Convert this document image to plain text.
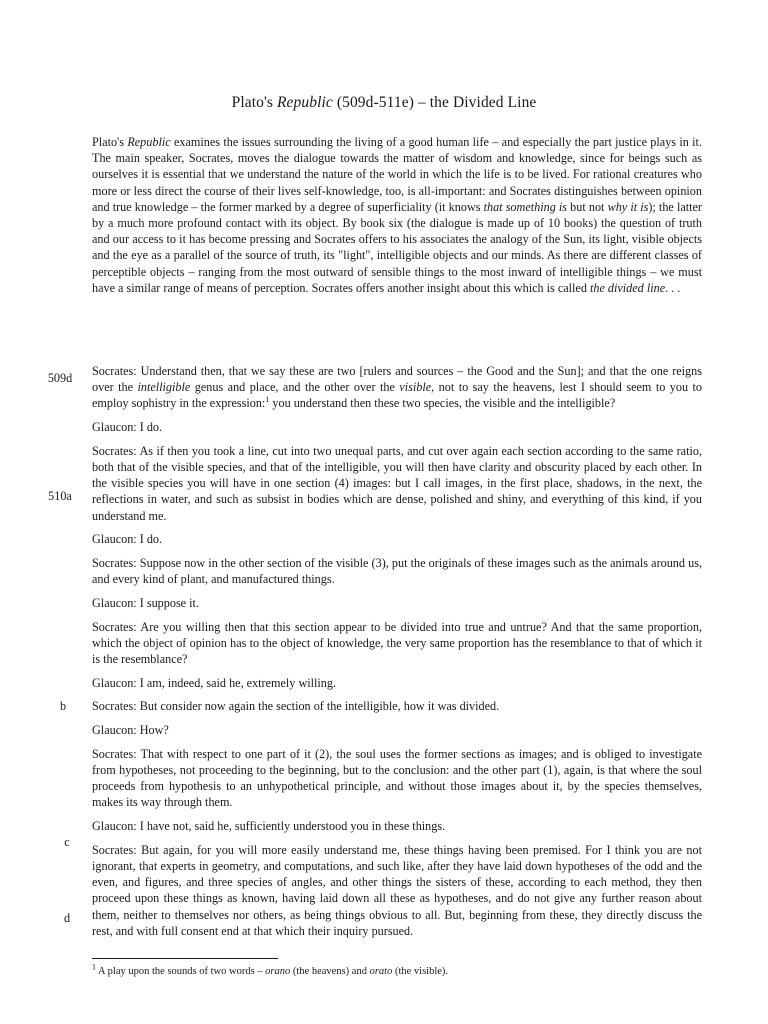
Plato's Republic (509d-511e) – the Divided Line

Plato's Republic examines the issues surrounding the living of a good human life – and especially the part justice plays in it. The main speaker, Socrates, moves the dialogue towards the matter of wisdom and knowledge, since for beings such as ourselves it is essential that we understand the nature of the world in which the life is to be lived. For rational creatures who more or less direct the course of their lives self-knowledge, too, is all-important: and Socrates distinguishes between opinion and true knowledge – the former marked by a degree of superficiality (it knows that something is but not why it is); the latter by a much more profound contact with its object. By book six (the dialogue is made up of 10 books) the question of truth and our access to it has become pressing and Socrates offers to his associates the analogy of the Sun, its light, visible objects and the eye as a parallel of the source of truth, its "light", intelligible objects and our minds. As there are different classes of perceptible objects – ranging from the most outward of sensible things to the most inward of intelligible things – we must have a similar range of means of perception. Socrates offers another insight about this which is called the divided line. . .

509d
510a
b
c
d

Socrates: Understand then, that we say these are two [rulers and sources – the Good and the Sun]; and that the one reigns over the intelligible genus and place, and the other over the visible, not to say the heavens, lest I should seem to you to employ sophistry in the expression:$^1$ you understand then these two species, the visible and the intelligible?

Glaucon: I do.

Socrates: As if then you took a line, cut into two unequal parts, and cut over again each section according to the same ratio, both that of the visible species, and that of the intelligible, you will then have clarity and obscurity placed by each other. In the visible species you will have in one section (4) images: but I call images, in the first place, shadows, in the next, the reflections in water, and such as subsist in bodies which are dense, polished and shiny, and everything of this kind, if you understand me.

Glaucon: I do.

Socrates: Suppose now in the other section of the visible (3), put the originals of these images such as the animals around us, and every kind of plant, and manufactured things.

Glaucon: I suppose it.

Socrates: Are you willing then that this section appear to be divided into true and untrue? And that the same proportion, which the object of opinion has to the object of knowledge, the very same proportion has the resemblance to that of which it is the resemblance?

Glaucon: I am, indeed, said he, extremely willing.

Socrates: But consider now again the section of the intelligible, how it was divided.

Glaucon: How?

Socrates: That with respect to one part of it (2), the soul uses the former sections as images; and is obliged to investigate from hypotheses, not proceeding to the beginning, but to the conclusion: and the other part (1), again, is that where the soul proceeds from hypothesis to an unhypothetical principle, and without those images about it, by the species themselves, makes its way through them.

Glaucon: I have not, said he, sufficiently understood you in these things.

Socrates: But again, for you will more easily understand me, these things having been premised. For I think you are not ignorant, that experts in geometry, and computations, and such like, after they have laid down hypotheses of the odd and the even, and figures, and three species of angles, and other things the sisters of these, according to each method, they then proceed upon these things as known, having laid down all these as hypotheses, and do not give any further reason about them, neither to themselves nor others, as being things obvious to all. But, beginning from these, they directly discuss the rest, and with full consent end at that which their inquiry pursued.

$^1$ A play upon the sounds of two words – orano (the heavens) and orato (the visible).
